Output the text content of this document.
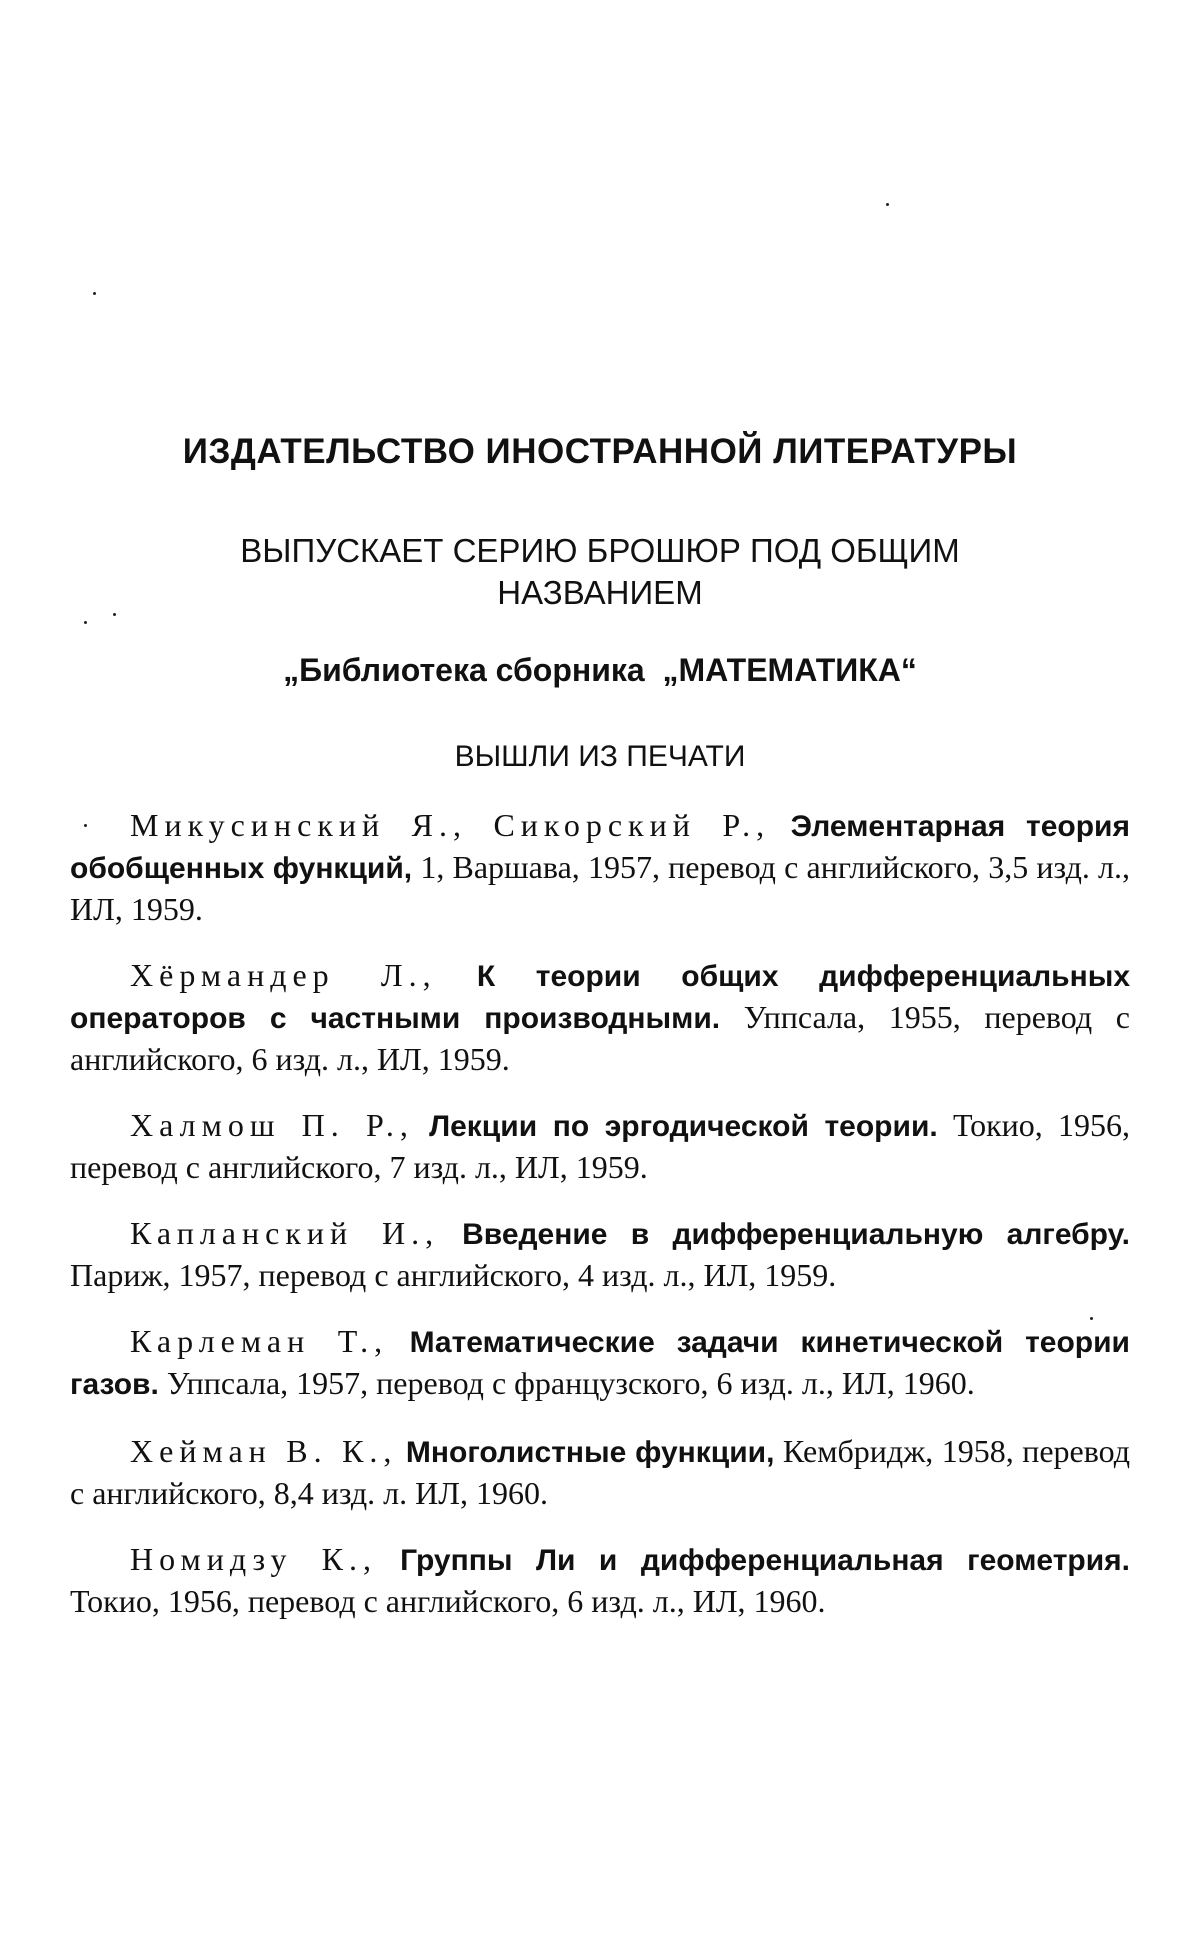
ИЗДАТЕЛЬСТВО ИНОСТРАННОЙ ЛИТЕРАТУРЫ

ВЫПУСКАЕТ СЕРИЮ БРОШЮР ПОД ОБЩИМ НАЗВАНИЕМ

„Библиотека сборника  „МАТЕМАТИКА“

ВЫШЛИ ИЗ ПЕЧАТИ

Микусинский Я., Сикорский Р., Элементарная теория обобщенных функций, 1, Варшава, 1957, перевод с английского, 3,5 изд. л., ИЛ, 1959.
Хёрмандер Л., К теории общих дифференциальных операторов с частными производными. Уппсала, 1955, перевод с английского, 6 изд. л., ИЛ, 1959.
Халмош П. Р., Лекции по эргодической теории. Токио, 1956, перевод с английского, 7 изд. л., ИЛ, 1959.
Капланский И., Введение в дифференциальную алгебру. Париж, 1957, перевод с английского, 4 изд. л., ИЛ, 1959.
Карлеман Т., Математические задачи кинетической теории газов. Уппсала, 1957, перевод с французского, 6 изд. л., ИЛ, 1960.
Хейман В. К., Многолистные функции, Кембридж, 1958, перевод с английского, 8,4 изд. л. ИЛ, 1960.
Номидзу К., Группы Ли и дифференциальная геометрия. Токио, 1956, перевод с английского, 6 изд. л., ИЛ, 1960.
